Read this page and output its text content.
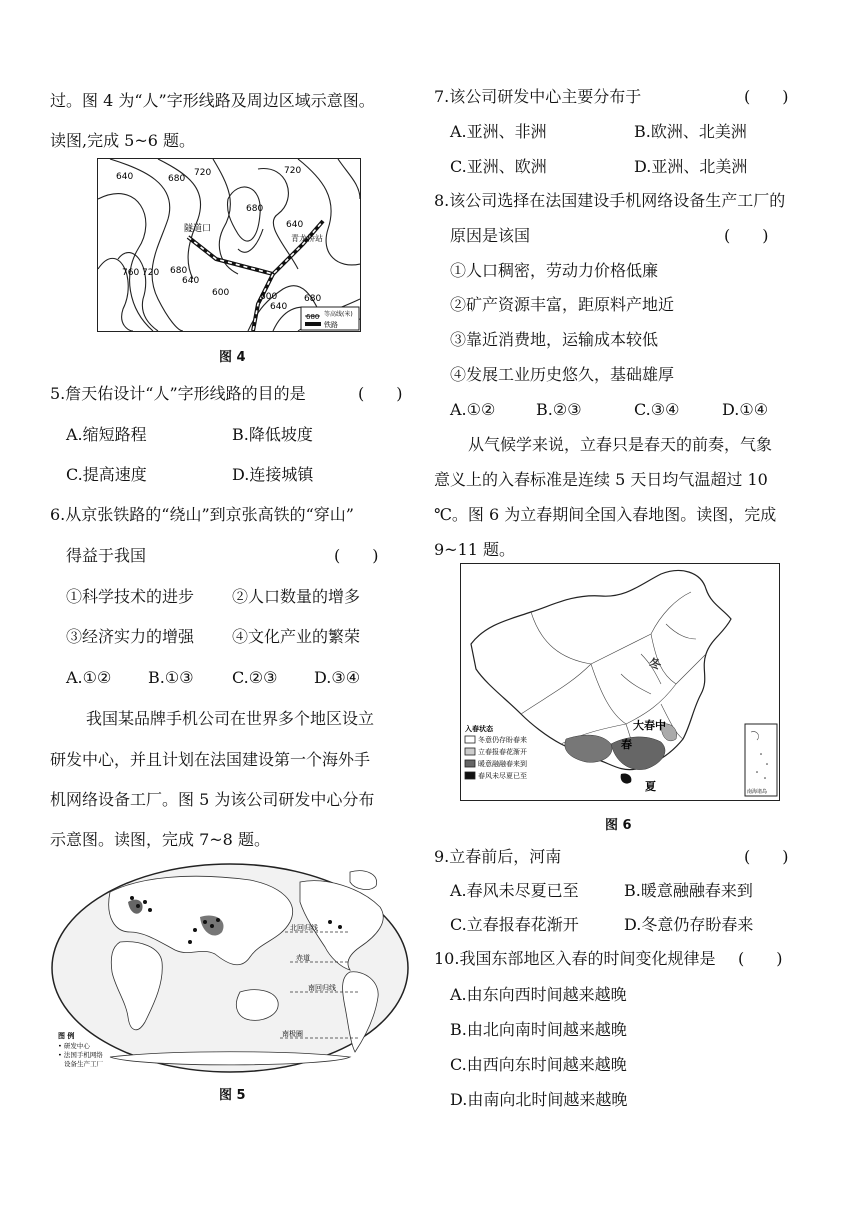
过。图 4 为“人”字形线路及周边区域示意图。
读图,完成 5~6 题。
640	680
720	720
680
640
760 720 680
640
600	600
640
680
隧道口
青龙桥站
680 等高线(米)
铁路
图 4
5.詹天佑设计“人”字形线路的目的是	(　　)
A.缩短路程	B.降低坡度
C.提高速度	D.连接城镇
6.从京张铁路的“绕山”到京张高铁的“穿山”
得益于我国	(　　)
①科学技术的进步 ②人口数量的增多
③经济实力的增强 ④文化产业的繁荣
A.①② B.①③ C.②③ D.③④
我国某品牌手机公司在世界多个地区设立
研发中心，并且计划在法国建设第一个海外手
机网络设备工厂。图 5 为该公司研发中心分布
示意图。读图，完成 7~8 题。
北回归线
赤道
南回归线
南极圈
图 例
• 研发中心
• 法国手机网络
设备生产工厂
图 5
7.该公司研发中心主要分布于	(　　)
A.亚洲、非洲	B.欧洲、北美洲
C.亚洲、欧洲	D.亚洲、北美洲
8.该公司选择在法国建设手机网络设备生产工厂的
原因是该国	(　　)
①人口稠密，劳动力价格低廉
②矿产资源丰富，距原料产地近
③靠近消费地，运输成本较低
④发展工业历史悠久，基础雄厚
A.①②	B.②③	C.③④	D.①④
从气候学来说，立春只是春天的前奏，气象
意义上的入春标准是连续 5 天日均气温超过 10
℃。图 6 为立春期间全国入春地图。读图，完成
9~11 题。
冬
大春中
春
夏
入春状态
冬意仍存盼春来
立春报春花渐开
暖意融融春来到
春风未尽夏已至
南海诸岛
图 6
9.立春前后，河南	(　　)
A.春风未尽夏已至	B.暖意融融春来到
C.立春报春花渐开	D.冬意仍存盼春来
10.我国东部地区入春的时间变化规律是 (　　)
A.由东向西时间越来越晚
B.由北向南时间越来越晚
C.由西向东时间越来越晚
D.由南向北时间越来越晚
